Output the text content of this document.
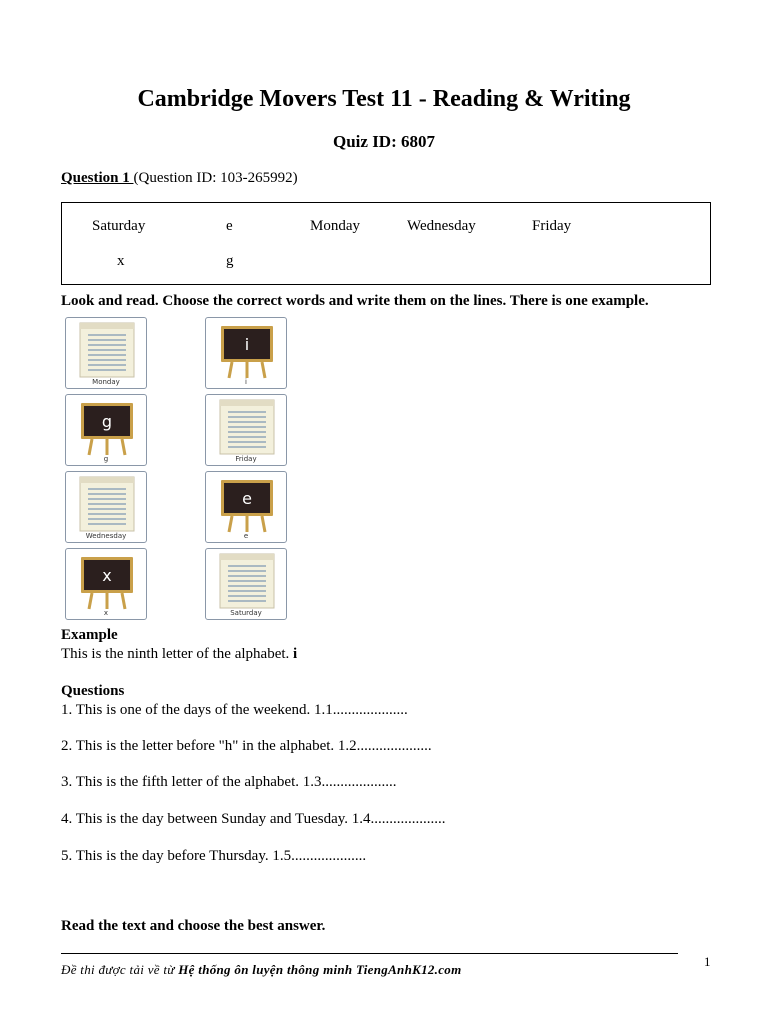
Cambridge Movers Test 11 - Reading & Writing
Quiz ID: 6807
Question 1 (Question ID: 103-265992)
Saturday	e	Monday	Wednesday	Friday
x	g
Look and read. Choose the correct words and write them on the lines. There is one example.
Monday
i
i
g
g	Friday
Wednesday
e
e
x
x	Saturday
Example
This is the ninth letter of the alphabet. i
Questions
1. This is one of the days of the weekend. 1.1....................
2. This is the letter before "h" in the alphabet. 1.2....................
3. This is the fifth letter of the alphabet. 1.3....................
4. This is the day between Sunday and Tuesday. 1.4....................
5. This is the day before Thursday. 1.5....................
Read the text and choose the best answer.
Đề thi được tải về từ Hệ thống ôn luyện thông minh TiengAnhK12.com
1
